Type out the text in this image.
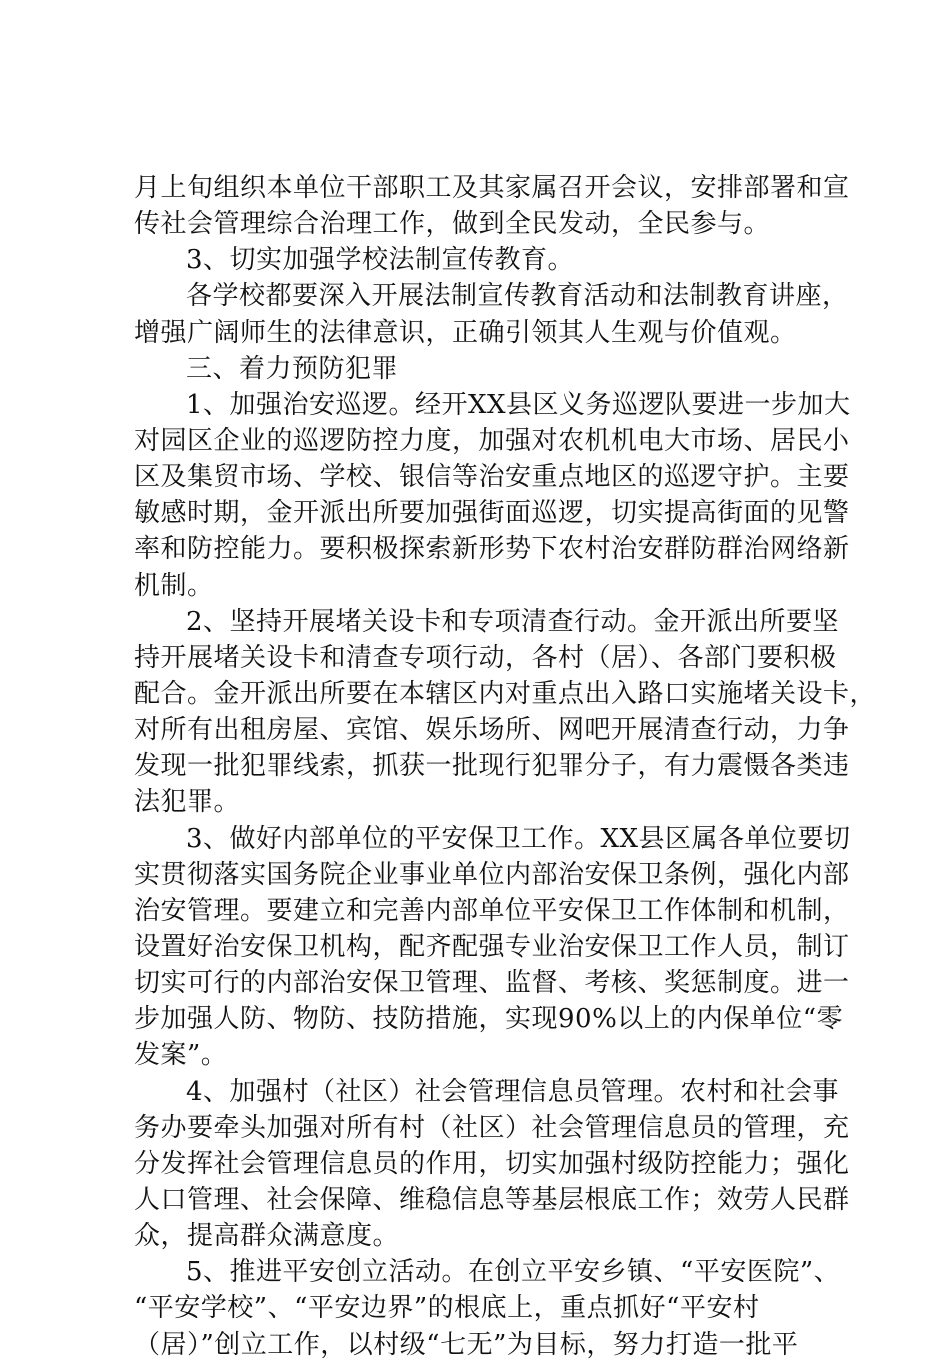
月上旬组织本单位干部职工及其家属召开会议，安排部署和宣
传社会管理综合治理工作，做到全民发动，全民参与。
3、切实加强学校法制宣传教育。
各学校都要深入开展法制宣传教育活动和法制教育讲座，
增强广阔师生的法律意识，正确引领其人生观与价值观。
三、着力预防犯罪
1、加强治安巡逻。经开XX县区义务巡逻队要进一步加大
对园区企业的巡逻防控力度，加强对农机机电大市场、居民小
区及集贸市场、学校、银信等治安重点地区的巡逻守护。主要
敏感时期，金开派出所要加强街面巡逻，切实提高街面的见警
率和防控能力。要积极探索新形势下农村治安群防群治网络新
机制。
2、坚持开展堵关设卡和专项清查行动。金开派出所要坚
持开展堵关设卡和清查专项行动，各村（居）、各部门要积极
配合。金开派出所要在本辖区内对重点出入路口实施堵关设卡，
对所有出租房屋、宾馆、娱乐场所、网吧开展清查行动，力争
发现一批犯罪线索，抓获一批现行犯罪分子，有力震慑各类违
法犯罪。
3、做好内部单位的平安保卫工作。XX县区属各单位要切
实贯彻落实国务院企业事业单位内部治安保卫条例，强化内部
治安管理。要建立和完善内部单位平安保卫工作体制和机制，
设置好治安保卫机构，配齐配强专业治安保卫工作人员，制订
切实可行的内部治安保卫管理、监督、考核、奖惩制度。进一
步加强人防、物防、技防措施，实现90%以上的内保单位“零
发案”。
4、加强村（社区）社会管理信息员管理。农村和社会事
务办要牵头加强对所有村（社区）社会管理信息员的管理，充
分发挥社会管理信息员的作用，切实加强村级防控能力；强化
人口管理、社会保障、维稳信息等基层根底工作；效劳人民群
众，提高群众满意度。
5、推进平安创立活动。在创立平安乡镇、“平安医院”、
“平安学校”、“平安边界”的根底上，重点抓好“平安村
（居）”创立工作，以村级“七无”为目标，努力打造一批平
